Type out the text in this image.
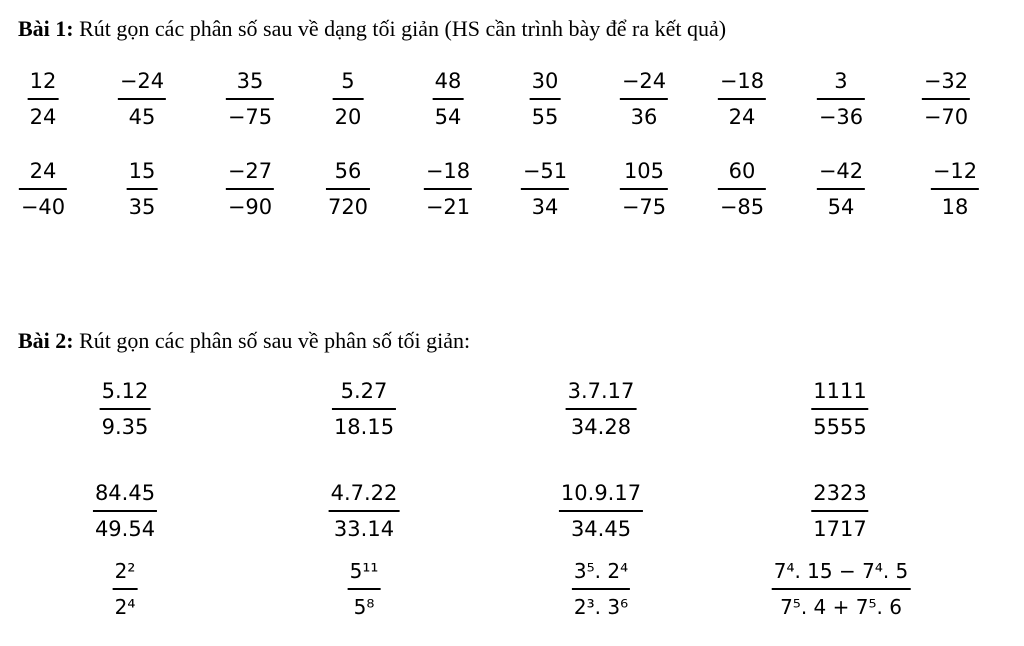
Bài 1: Rút gọn các phân số sau về dạng tối giản (HS cần trình bày để ra kết quả)
12
24
−24
45
35
−75
5
20
48
54
30
55
−24
36
−18
24
3
−36
−32
−70
24
−40
15
35
−27
−90
56
720
−18
−21
−51
34
105
−75
60
−85
−42
54
−12
18
Bài 2: Rút gọn các phân số sau về phân số tối giản:
5.12
9.35
5.27
18.15
3.7.17
34.28
1111
5555
84.45
49.54
4.7.22
33.14
10.9.17
34.45
2323
1717
2²
2⁴
5¹¹
5⁸
3⁵. 2⁴
2³. 3⁶
7⁴. 15 − 7⁴. 5
7⁵. 4 + 7⁵. 6
